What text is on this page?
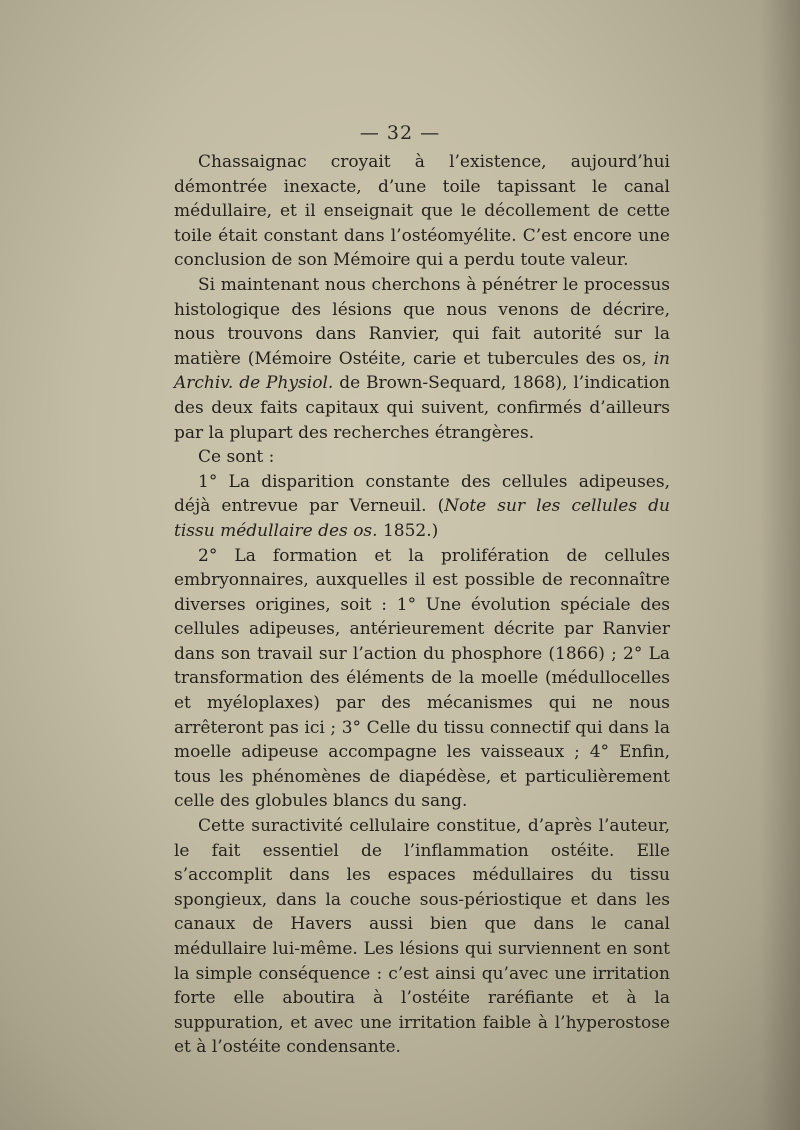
— 32 —

Chassaignac croyait à l’existence, aujourd’hui démontrée inexacte, d’une toile tapissant le canal médullaire, et il enseignait que le décollement de cette toile était constant dans l’ostéomyélite. C’est encore une conclusion de son Mémoire qui a perdu toute valeur.

Si maintenant nous cherchons à pénétrer le processus histologique des lésions que nous venons de décrire, nous trouvons dans Ranvier, qui fait autorité sur la matière (Mémoire Ostéite, carie et tubercules des os, in Archiv. de Physiol. de Brown-Sequard, 1868), l’indication des deux faits capitaux qui suivent, confirmés d’ailleurs par la plupart des recherches étrangères.

Ce sont :

1° La disparition constante des cellules adipeuses, déjà entrevue par Verneuil. (Note sur les cellules du tissu médullaire des os. 1852.)

2° La formation et la prolifération de cellules embryonnaires, auxquelles il est possible de reconnaître diverses origines, soit : 1° Une évolution spéciale des cellules adipeuses, antérieurement décrite par Ranvier dans son travail sur l’action du phosphore (1866) ; 2° La transformation des éléments de la moelle (médullocelles et myéloplaxes) par des mécanismes qui ne nous arrêteront pas ici ; 3° Celle du tissu connectif qui dans la moelle adipeuse accompagne les vaisseaux ; 4° Enfin, tous les phénomènes de diapédèse, et particulièrement celle des globules blancs du sang.

Cette suractivité cellulaire constitue, d’après l’auteur, le fait essentiel de l’inflammation ostéite. Elle s’accomplit dans les espaces médullaires du tissu spongieux, dans la couche sous-périostique et dans les canaux de Havers aussi bien que dans le canal médullaire lui-même. Les lésions qui surviennent en sont la simple conséquence : c’est ainsi qu’avec une irritation forte elle aboutira à l’ostéite raréfiante et à la suppuration, et avec une irritation faible à l’hyperostose et à l’ostéite condensante.
